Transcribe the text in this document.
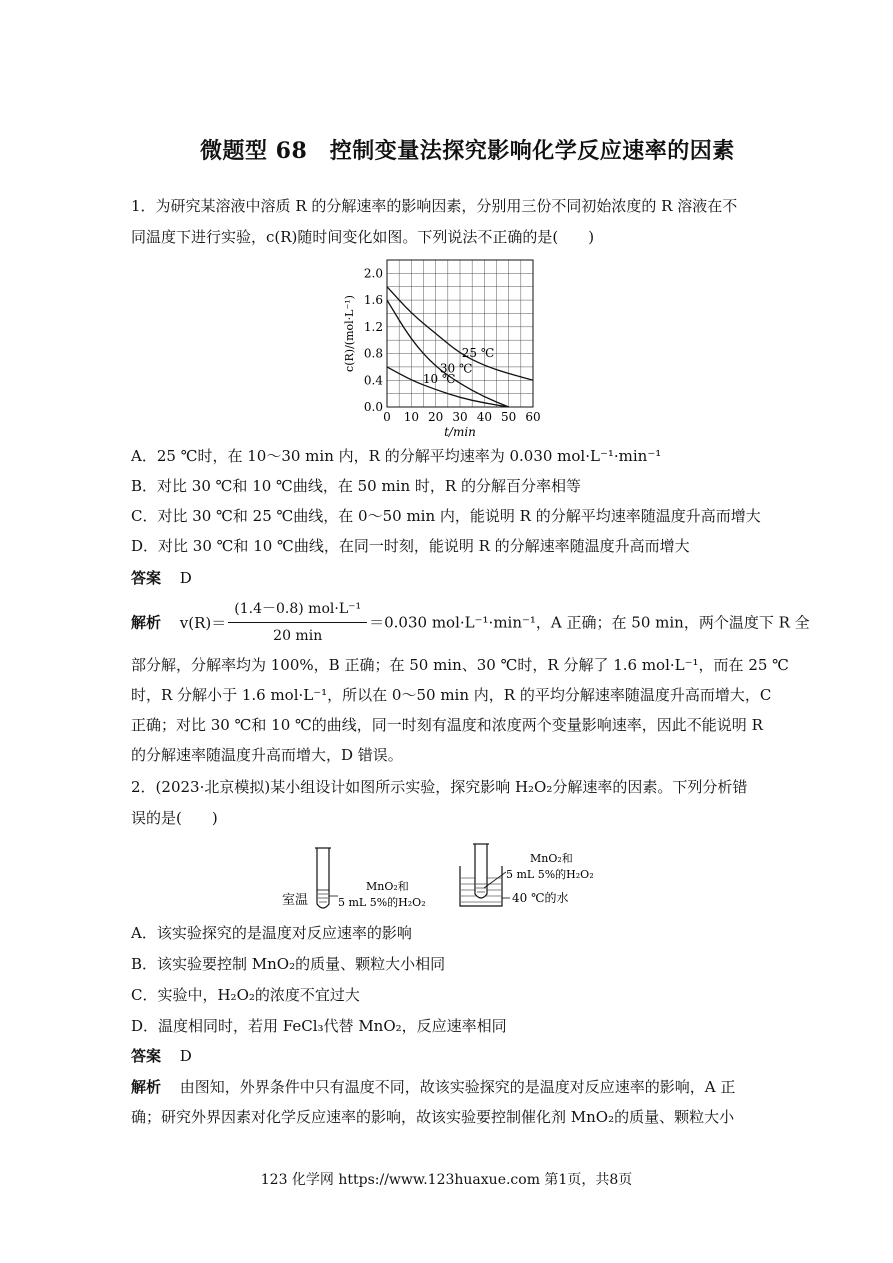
微题型 68　控制变量法探究影响化学反应速率的因素
1．为研究某溶液中溶质 R 的分解速率的影响因素，分别用三份不同初始浓度的 R 溶液在不
同温度下进行实验，c(R)随时间变化如图。下列说法不正确的是(　　)
0 10 20 30 40 50 60
0.0
0.4
0.8
1.2
1.6
2.0
t/min
c(R)/(mol·L⁻¹)	25 ℃
30 ℃
10 ℃
A．25 ℃时，在 10～30 min 内，R 的分解平均速率为 0.030 mol·L⁻¹·min⁻¹
B．对比 30 ℃和 10 ℃曲线，在 50 min 时，R 的分解百分率相等
C．对比 30 ℃和 25 ℃曲线，在 0～50 min 内，能说明 R 的分解平均速率随温度升高而增大
D．对比 30 ℃和 10 ℃曲线，在同一时刻，能说明 R 的分解速率随温度升高而增大
答案 D
解析 $v(R)= \frac{\text{(1.4－0.8) mol·L⁻¹}}{20 \min} =0.030$ mol·L⁻¹·min⁻¹，A 正确；在 50 min，两个温度下 R 全
部分解，分解率均为 100%，B 正确；在 50 min、30 ℃时，R 分解了 1.6 mol·L⁻¹，而在 25 ℃
时，R 分解小于 1.6 mol·L⁻¹，所以在 0～50 min 内，R 的平均分解速率随温度升高而增大，C
正确；对比 30 ℃和 10 ℃的曲线，同一时刻有温度和浓度两个变量影响速率，因此不能说明 R
的分解速率随温度升高而增大，D 错误。
2．(2023·北京模拟)某小组设计如图所示实验，探究影响 H₂O₂分解速率的因素。下列分析错
误的是(　　)
室温
MnO₂和
5 mL 5%的H₂O₂
MnO₂和
5 mL 5%的H₂O₂
40 ℃的水
A．该实验探究的是温度对反应速率的影响
B．该实验要控制 MnO₂的质量、颗粒大小相同
C．实验中，H₂O₂的浓度不宜过大
D．温度相同时，若用 FeCl₃代替 MnO₂，反应速率相同
答案 D
解析 由图知，外界条件中只有温度不同，故该实验探究的是温度对反应速率的影响，A 正
确；研究外界因素对化学反应速率的影响，故该实验要控制催化剂 MnO₂的质量、颗粒大小
123 化学网 https://www.123huaxue.com 第1页，共8页
